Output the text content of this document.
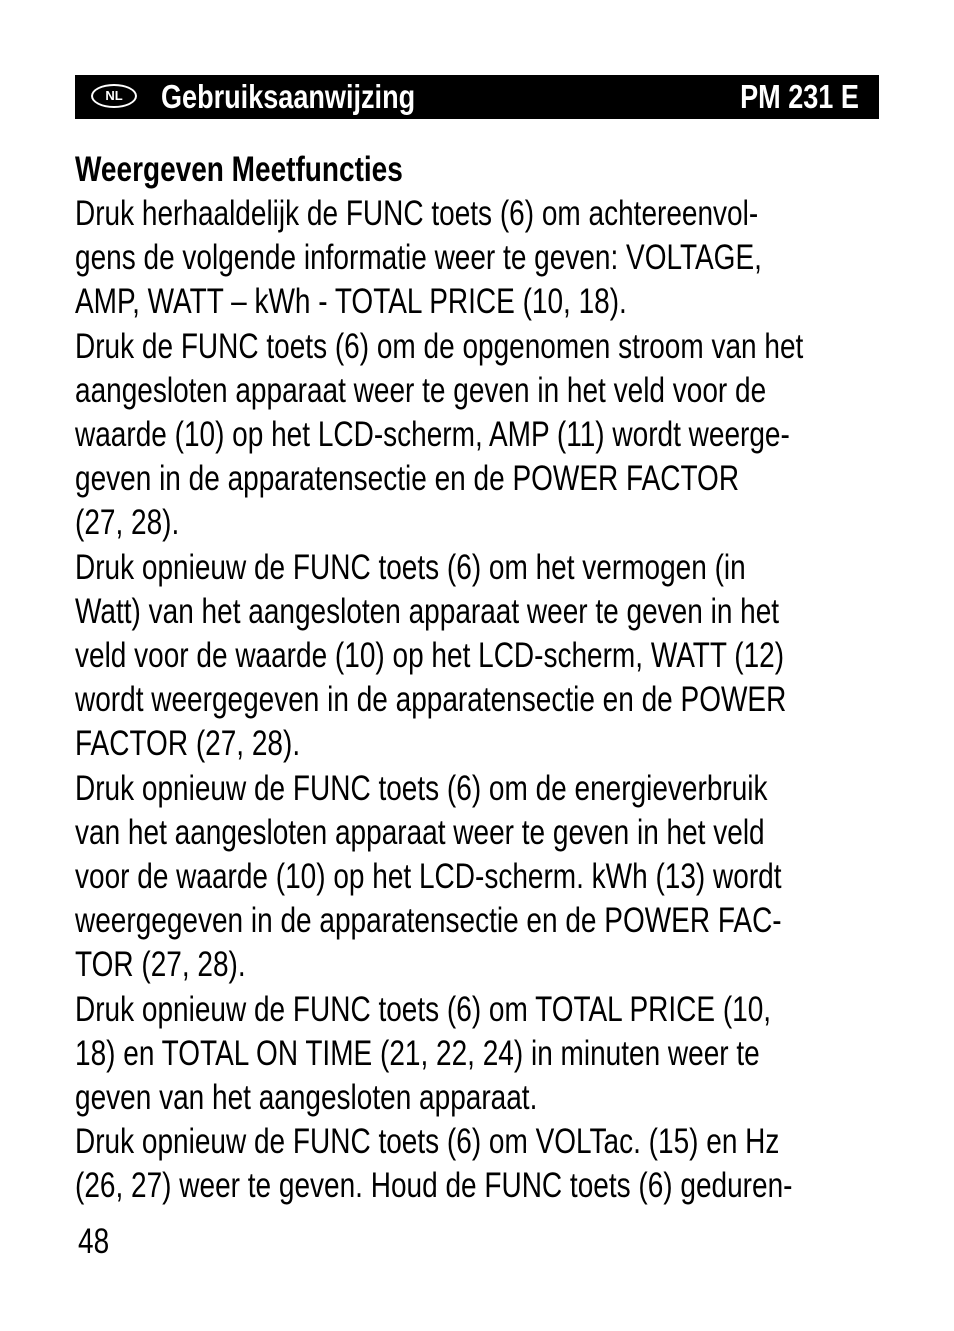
NL	Gebruiksaanwijzing	PM 231 E
Weergeven Meetfuncties
Druk herhaaldelijk de FUNC toets (6) om achtereenvol-
gens de volgende informatie weer te geven: VOLTAGE,
AMP, WATT – kWh - TOTAL PRICE (10, 18).
Druk de FUNC toets (6) om de opgenomen stroom van het
aangesloten apparaat weer te geven in het veld voor de
waarde (10) op het LCD-scherm, AMP (11) wordt weerge-
geven in de apparatensectie en de POWER FACTOR
(27, 28).
Druk opnieuw de FUNC toets (6) om het vermogen (in
Watt) van het aangesloten apparaat weer te geven in het
veld voor de waarde (10) op het LCD-scherm, WATT (12)
wordt weergegeven in de apparatensectie en de POWER
FACTOR (27, 28).
Druk opnieuw de FUNC toets (6) om de energieverbruik
van het aangesloten apparaat weer te geven in het veld
voor de waarde (10) op het LCD-scherm. kWh (13) wordt
weergegeven in de apparatensectie en de POWER FAC-
TOR (27, 28).
Druk opnieuw de FUNC toets (6) om TOTAL PRICE (10,
18) en TOTAL ON TIME (21, 22, 24) in minuten weer te
geven van het aangesloten apparaat.
Druk opnieuw de FUNC toets (6) om VOLTac. (15) en Hz
(26, 27) weer te geven. Houd de FUNC toets (6) geduren-
48
